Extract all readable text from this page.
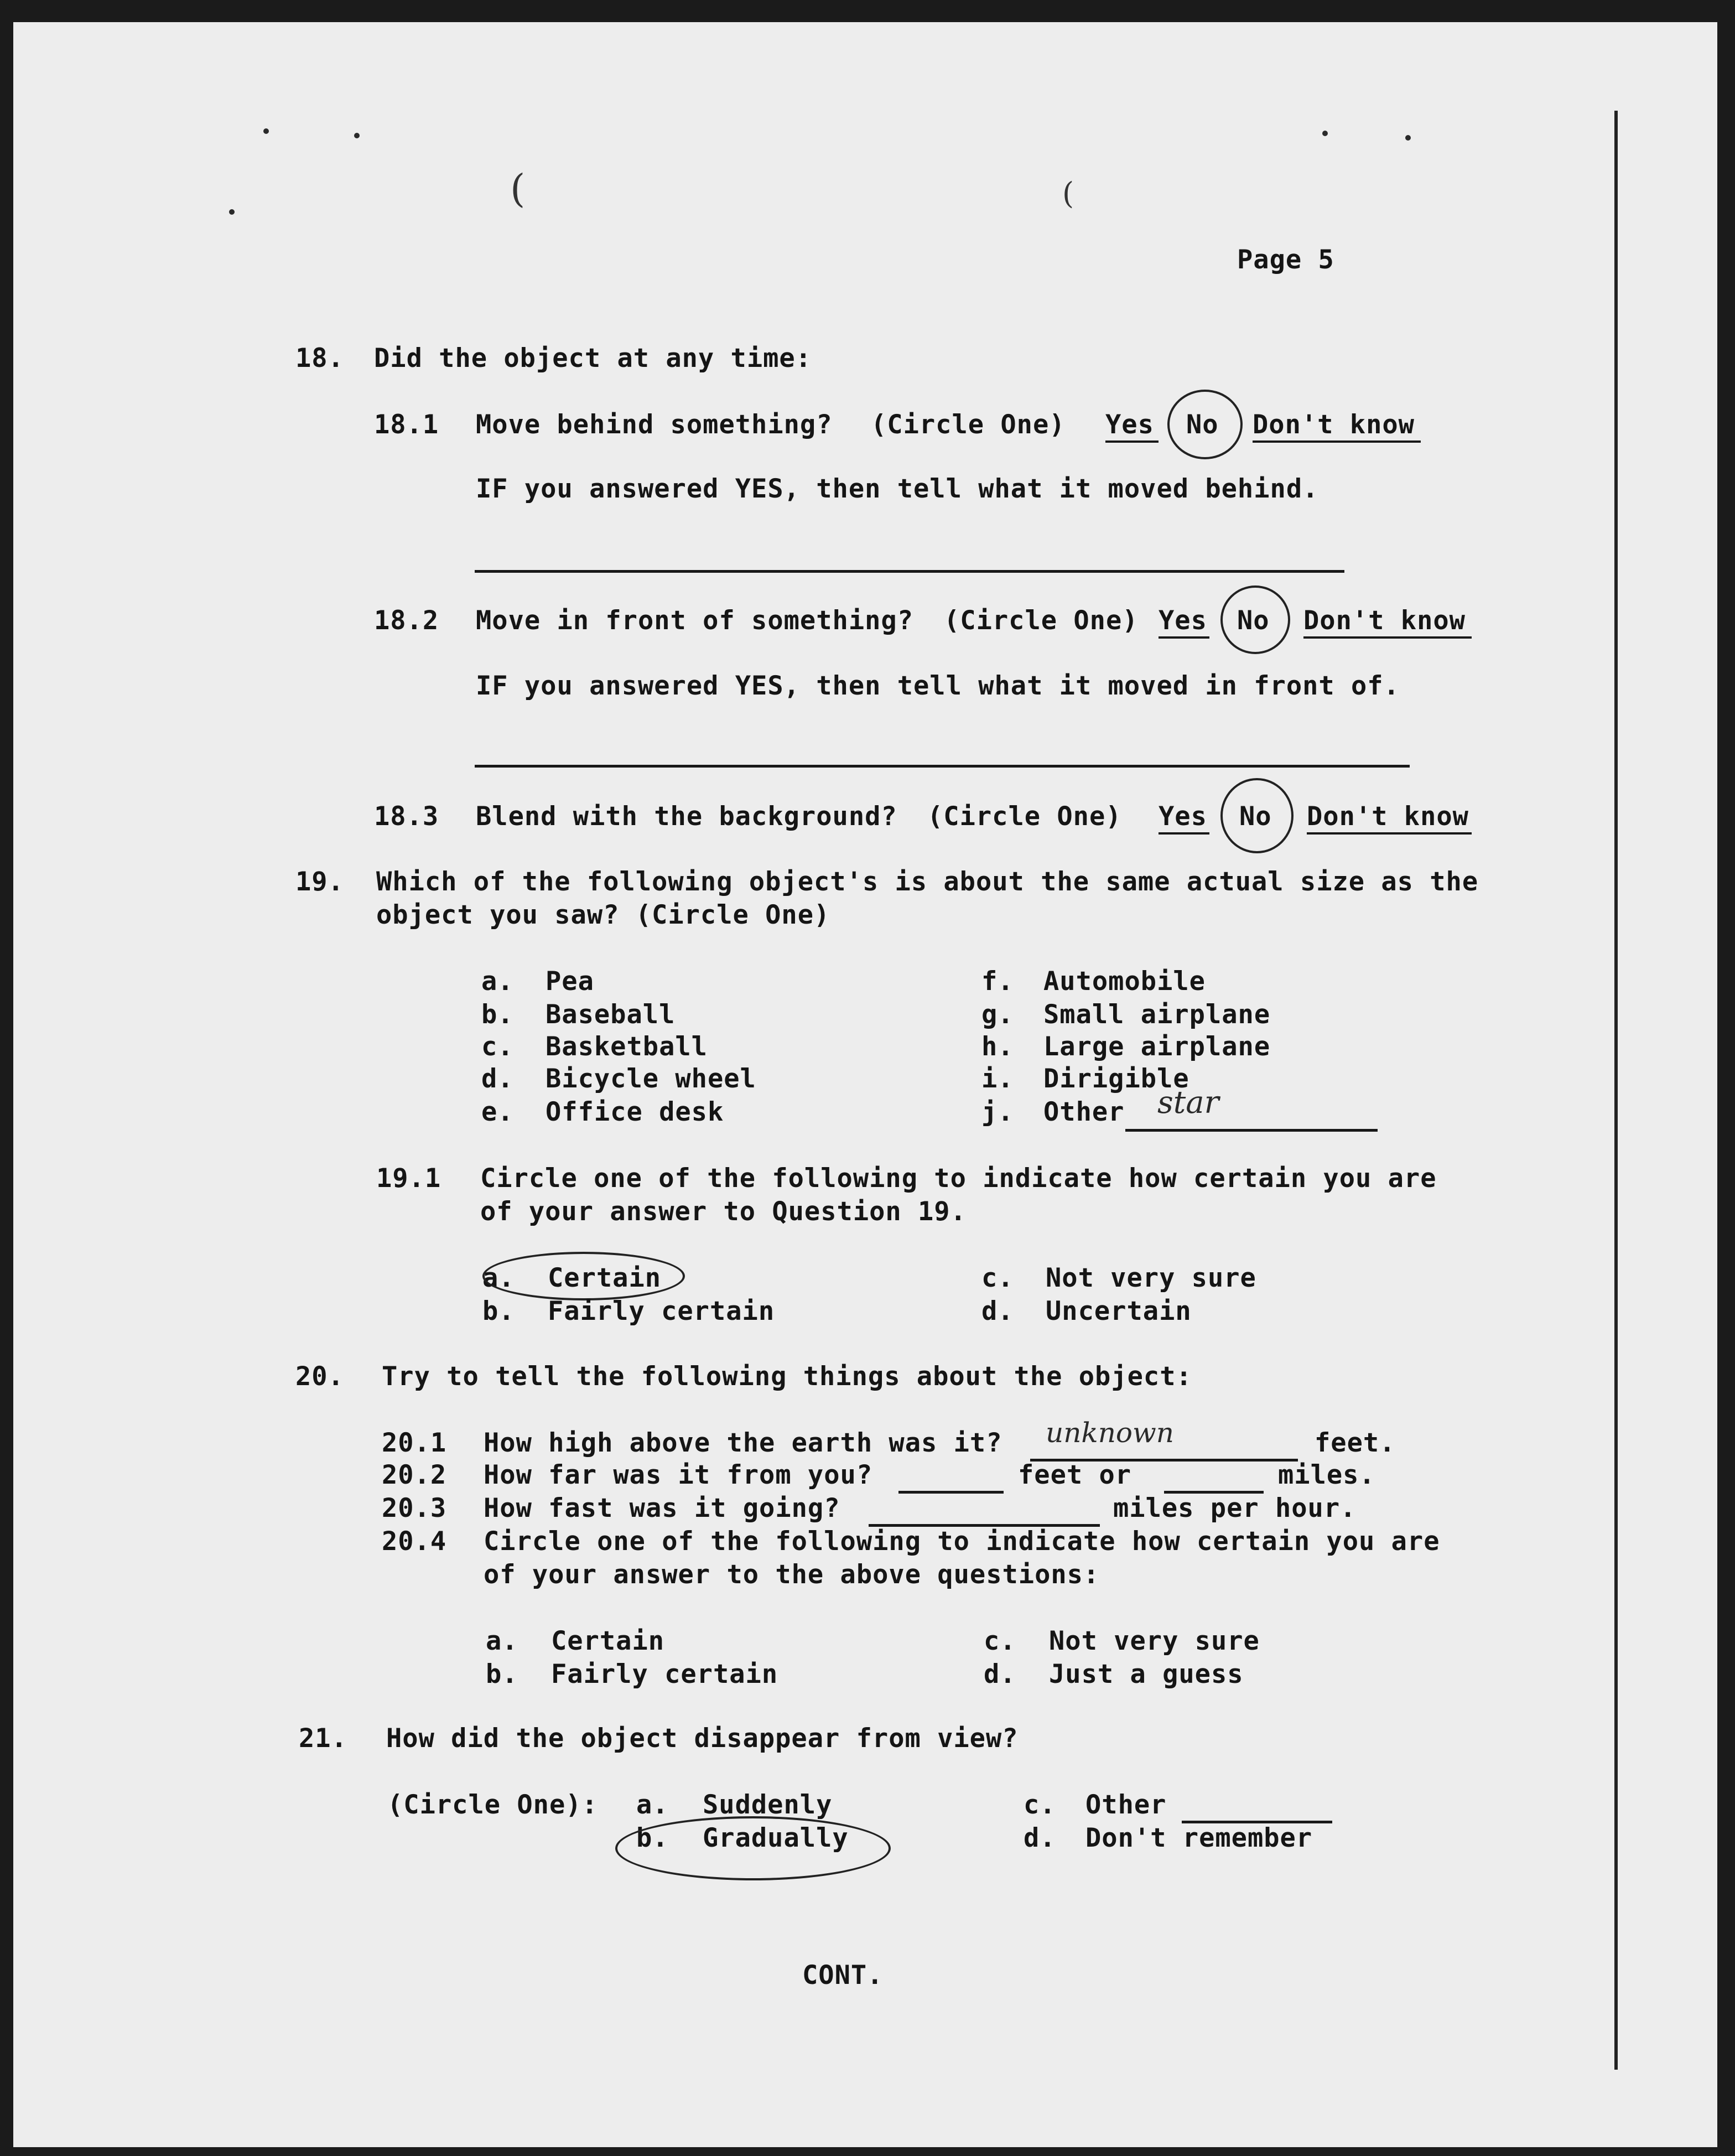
(	(
Page 5
18. Did the object at any time:
18.1 Move behind something? (Circle One) Yes No Don't know
IF you answered YES, then tell what it moved behind.
18.2 Move in front of something? (Circle One) Yes No Don't know
IF you answered YES, then tell what it moved in front of.
18.3 Blend with the background? (Circle One) Yes No Don't know
19. Which of the following object's is about the same actual size as the
object you saw? (Circle One)
a. Pea
b. Baseball
c. Basketball
d. Bicycle wheel
e. Office desk
f. Automobile
g. Small airplane
h. Large airplane
i. Dirigible
j. Other star
19.1 Circle one of the following to indicate how certain you are
of your answer to Question 19.
a. Certain
b. Fairly certain
c. Not very sure
d. Uncertain
20. Try to tell the following things about the object:
20.1 How high above the earth was it? unknown	feet.
20.2 How far was it from you?	feet or	miles.
20.3 How fast was it going?	miles per hour.
20.4 Circle one of the following to indicate how certain you are
of your answer to the above questions:
a. Certain
b. Fairly certain
c. Not very sure
d. Just a guess
21. How did the object disappear from view?
(Circle One): a. Suddenly
b. Gradually
c. Other
d. Don't remember
CONT.
